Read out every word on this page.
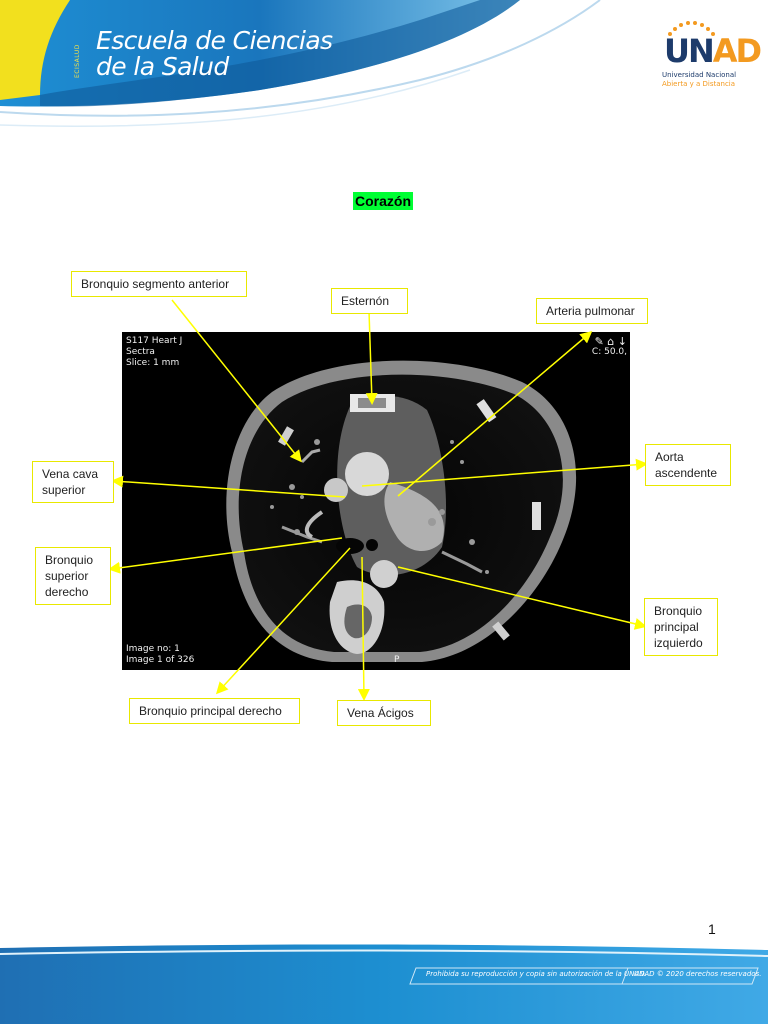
ECISALUD
Escuela de Ciencias
de la Salud	UNAD
Universidad Nacional
Abierta y a Distancia
Corazón
S117 Heart J
Sectra
Slice: 1 mm
✎ ⌂ ↓
C: 50.0,
Image no: 1
Image 1 of 326	P
Bronquio segmento anterior
Esternón
Arteria pulmonar
Aorta ascendente
Vena cava superior
Bronquio superior derecho
Bronquio principal izquierdo
Bronquio principal derecho	Vena Ácigos
1
Prohibida su reproducción y copia sin autorización de la UNAD.
UNAD © 2020 derechos reservados.
